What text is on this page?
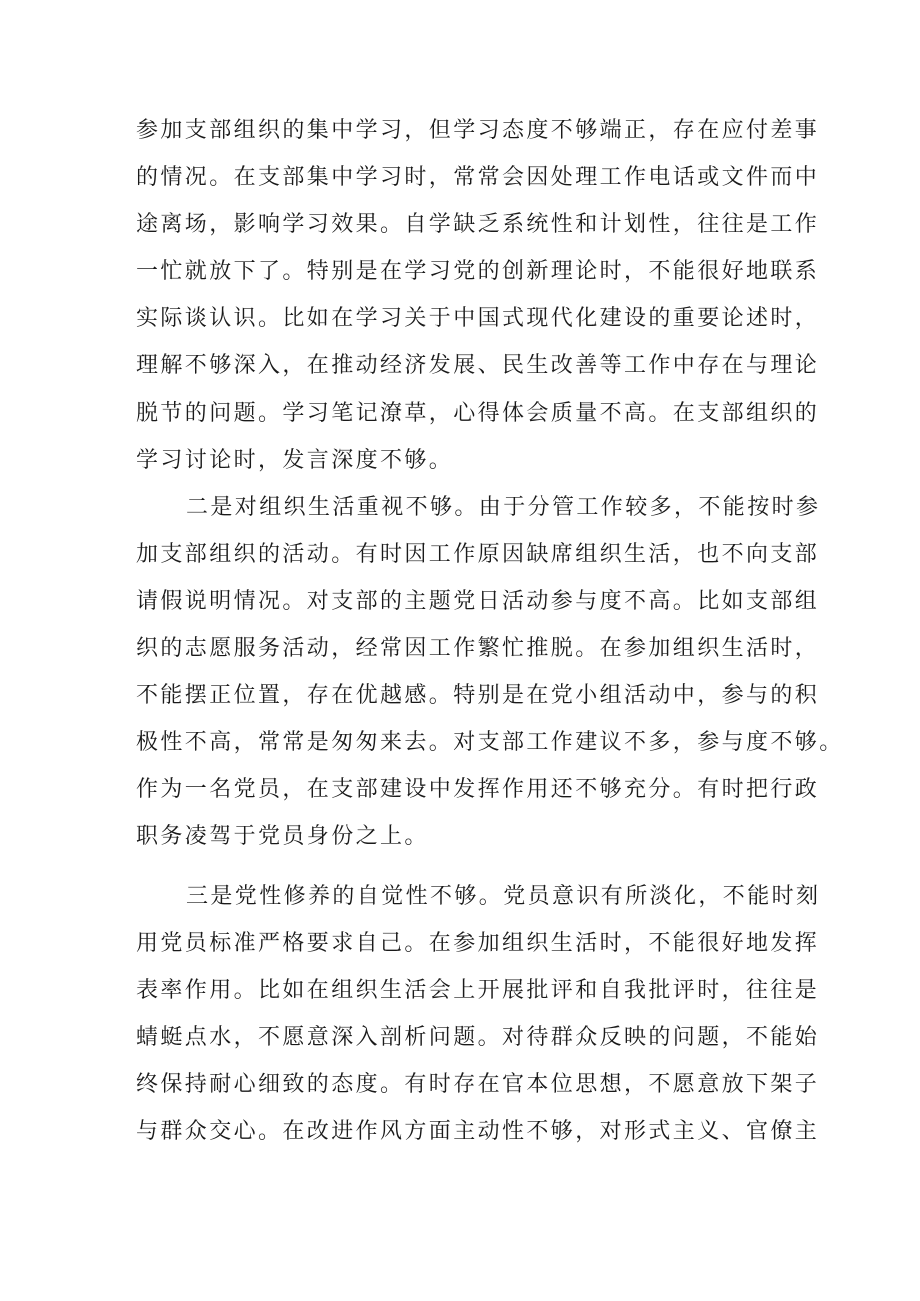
参加支部组织的集中学习，但学习态度不够端正，存在应付差事
的情况。在支部集中学习时，常常会因处理工作电话或文件而中
途离场，影响学习效果。自学缺乏系统性和计划性，往往是工作
一忙就放下了。特别是在学习党的创新理论时，不能很好地联系
实际谈认识。比如在学习关于中国式现代化建设的重要论述时，
理解不够深入，在推动经济发展、民生改善等工作中存在与理论
脱节的问题。学习笔记潦草，心得体会质量不高。在支部组织的
学习讨论时，发言深度不够。
二是对组织生活重视不够。由于分管工作较多，不能按时参
加支部组织的活动。有时因工作原因缺席组织生活，也不向支部
请假说明情况。对支部的主题党日活动参与度不高。比如支部组
织的志愿服务活动，经常因工作繁忙推脱。在参加组织生活时，
不能摆正位置，存在优越感。特别是在党小组活动中，参与的积
极性不高，常常是匆匆来去。对支部工作建议不多，参与度不够。
作为一名党员，在支部建设中发挥作用还不够充分。有时把行政
职务凌驾于党员身份之上。
三是党性修养的自觉性不够。党员意识有所淡化，不能时刻
用党员标准严格要求自己。在参加组织生活时，不能很好地发挥
表率作用。比如在组织生活会上开展批评和自我批评时，往往是
蜻蜓点水，不愿意深入剖析问题。对待群众反映的问题，不能始
终保持耐心细致的态度。有时存在官本位思想，不愿意放下架子
与群众交心。在改进作风方面主动性不够，对形式主义、官僚主
